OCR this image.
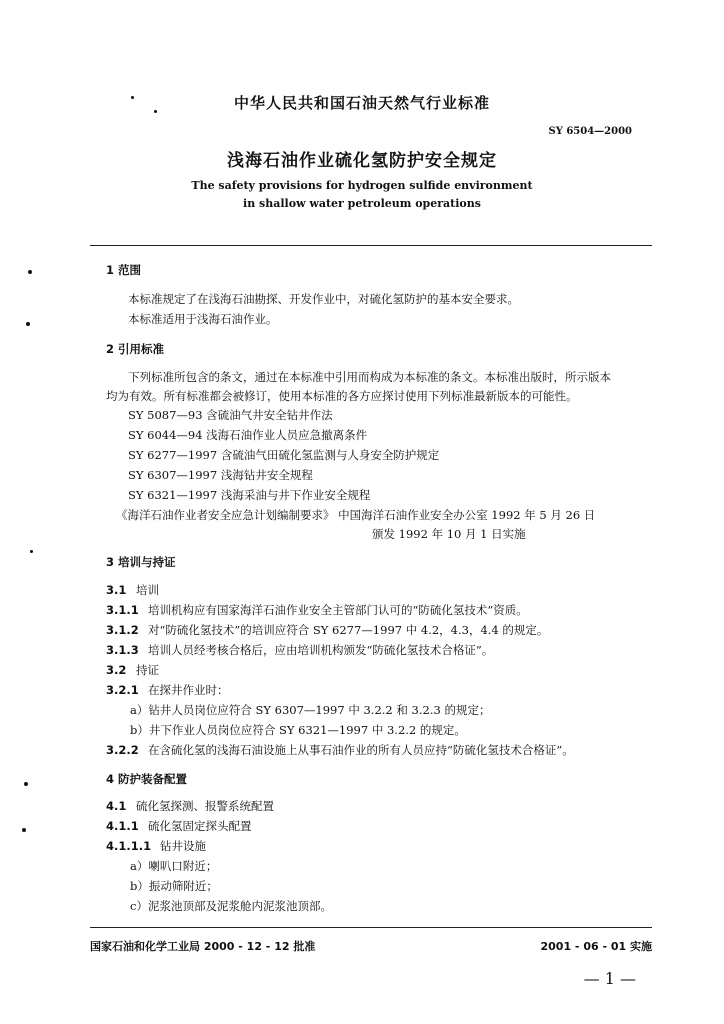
中华人民共和国石油天然气行业标准
SY 6504—2000
浅海石油作业硫化氢防护安全规定
The safety provisions for hydrogen sulfide environment
in shallow water petroleum operations
1 范围
本标准规定了在浅海石油勘探、开发作业中，对硫化氢防护的基本安全要求。
本标准适用于浅海石油作业。
2 引用标准
下列标准所包含的条文，通过在本标准中引用而构成为本标准的条文。本标准出版时，所示版本
均为有效。所有标准都会被修订，使用本标准的各方应探讨使用下列标准最新版本的可能性。
SY 5087—93 含硫油气井安全钻井作法
SY 6044—94 浅海石油作业人员应急撤离条件
SY 6277—1997 含硫油气田硫化氢监测与人身安全防护规定
SY 6307—1997 浅海钻井安全规程
SY 6321—1997 浅海采油与井下作业安全规程
《海洋石油作业者安全应急计划编制要求》 中国海洋石油作业安全办公室 1992 年 5 月 26 日
颁发 1992 年 10 月 1 日实施
3 培训与持证
3.1 培训
3.1.1 培训机构应有国家海洋石油作业安全主管部门认可的“防硫化氢技术”资质。
3.1.2 对“防硫化氢技术”的培训应符合 SY 6277—1997 中 4.2，4.3，4.4 的规定。
3.1.3 培训人员经考核合格后，应由培训机构颁发“防硫化氢技术合格证”。
3.2 持证
3.2.1 在探井作业时：
a）钻井人员岗位应符合 SY 6307—1997 中 3.2.2 和 3.2.3 的规定；
b）井下作业人员岗位应符合 SY 6321—1997 中 3.2.2 的规定。
3.2.2 在含硫化氢的浅海石油设施上从事石油作业的所有人员应持“防硫化氢技术合格证”。
4 防护装备配置
4.1 硫化氢探测、报警系统配置
4.1.1 硫化氢固定探头配置
4.1.1.1 钻井设施
a）喇叭口附近；
b）振动筛附近；
c）泥浆池顶部及泥浆舱内泥浆池顶部。
国家石油和化学工业局 2000 - 12 - 12 批准	2001 - 06 - 01 实施
— 1 —
